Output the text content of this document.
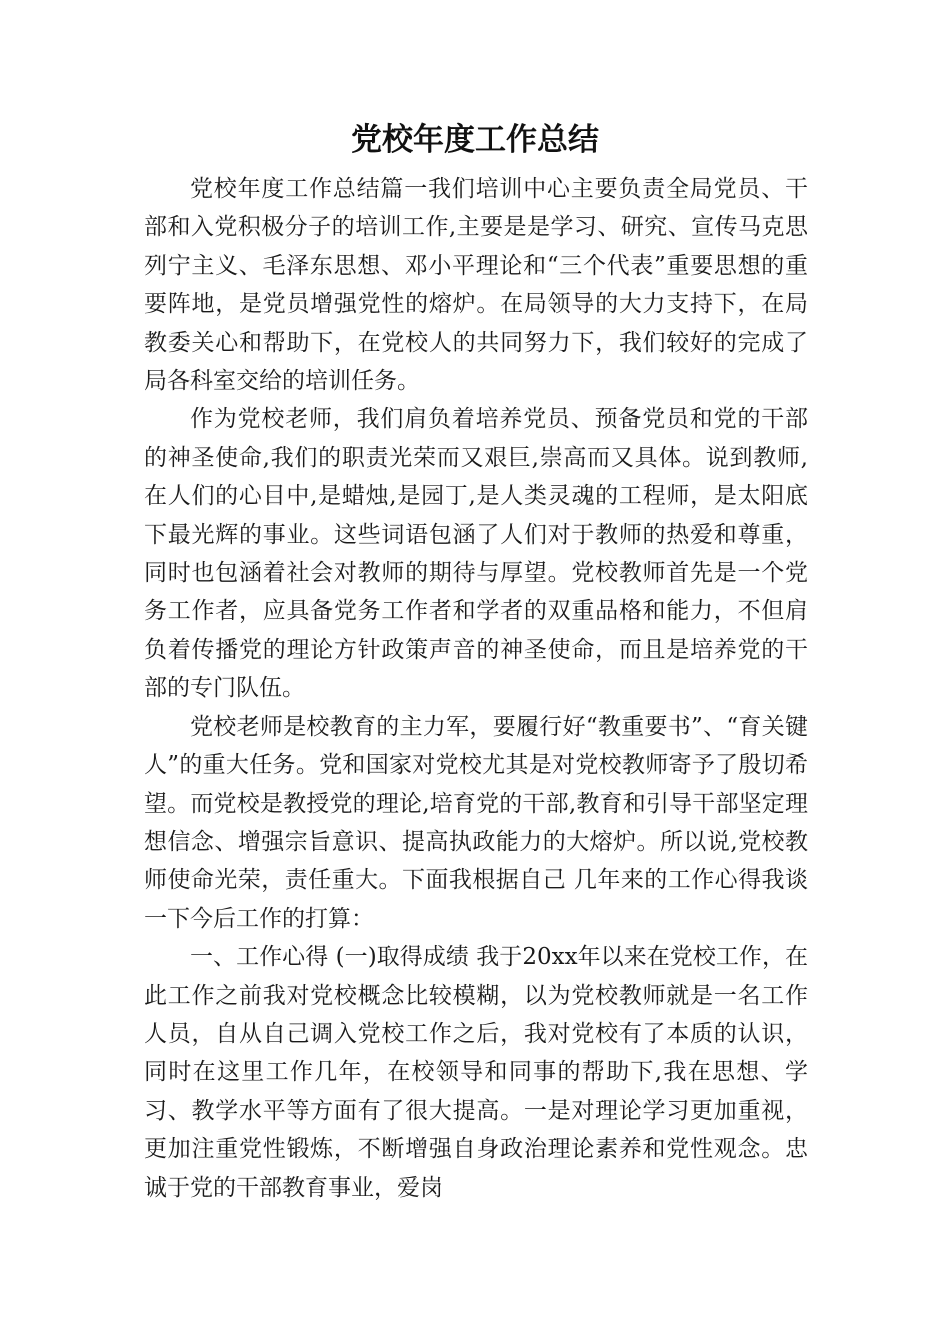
党校年度工作总结

党校年度工作总结篇一我们培训中心主要负责全局党员、干部和入党积极分子的培训工作,主要是是学习、研究、宣传马克思列宁主义、毛泽东思想、邓小平理论和“三个代表”重要思想的重要阵地，是党员增强党性的熔炉。在局领导的大力支持下，在局教委关心和帮助下，在党校人的共同努力下，我们较好的完成了局各科室交给的培训任务。

作为党校老师，我们肩负着培养党员、预备党员和党的干部的神圣使命,我们的职责光荣而又艰巨,崇高而又具体。说到教师,在人们的心目中,是蜡烛,是园丁,是人类灵魂的工程师，是太阳底下最光辉的事业。这些词语包涵了人们对于教师的热爱和尊重，同时也包涵着社会对教师的期待与厚望。党校教师首先是一个党务工作者，应具备党务工作者和学者的双重品格和能力，不但肩负着传播党的理论方针政策声音的神圣使命，而且是培养党的干部的专门队伍。

党校老师是校教育的主力军，要履行好“教重要书”、“育关键人”的重大任务。党和国家对党校尤其是对党校教师寄予了殷切希望。而党校是教授党的理论,培育党的干部,教育和引导干部坚定理想信念、增强宗旨意识、提高执政能力的大熔炉。所以说,党校教师使命光荣，责任重大。下面我根据自己 几年来的工作心得我谈一下今后工作的打算：

一、工作心得 (一)取得成绩 我于20xx年以来在党校工作，在此工作之前我对党校概念比较模糊，以为党校教师就是一名工作人员，自从自己调入党校工作之后，我对党校有了本质的认识，同时在这里工作几年，在校领导和同事的帮助下,我在思想、学习、教学水平等方面有了很大提高。一是对理论学习更加重视，更加注重党性锻炼，不断增强自身政治理论素养和党性观念。忠诚于党的干部教育事业，爱岗
